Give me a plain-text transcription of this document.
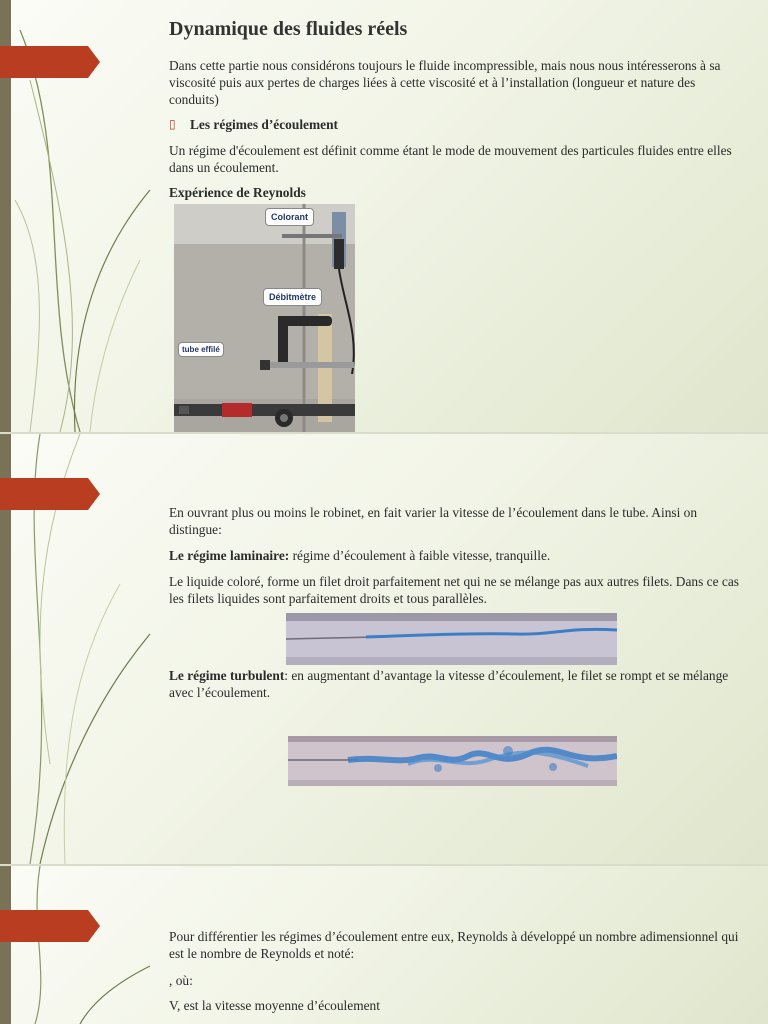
Dynamique des fluides réels
Dans cette partie nous considérons toujours le fluide incompressible, mais nous nous intéresserons à sa viscosité puis aux pertes de charges liées à cette viscosité et à l’installation (longueur et nature des conduits)
▯ Les régimes d’écoulement
Un régime d'écoulement est définit comme étant le mode de mouvement des particules fluides entre elles dans un écoulement.
Expérience de Reynolds
Colorant
Débitmètre
tube effilé
En ouvrant plus ou moins le robinet, en fait varier la vitesse de l’écoulement dans le tube. Ainsi on distingue:
Le régime laminaire: régime d’écoulement à faible vitesse, tranquille.
Le liquide coloré, forme un filet droit parfaitement net qui ne se mélange pas aux autres filets. Dans ce cas les filets liquides sont parfaitement droits et tous parallèles.
Le régime turbulent: en augmentant d’avantage la vitesse d’écoulement, le filet se rompt et se mélange avec l’écoulement.
Pour différentier les régimes d’écoulement entre eux, Reynolds à développé un nombre adimensionnel qui est le nombre de Reynolds et noté:
, où:
V, est la vitesse moyenne d’écoulement
